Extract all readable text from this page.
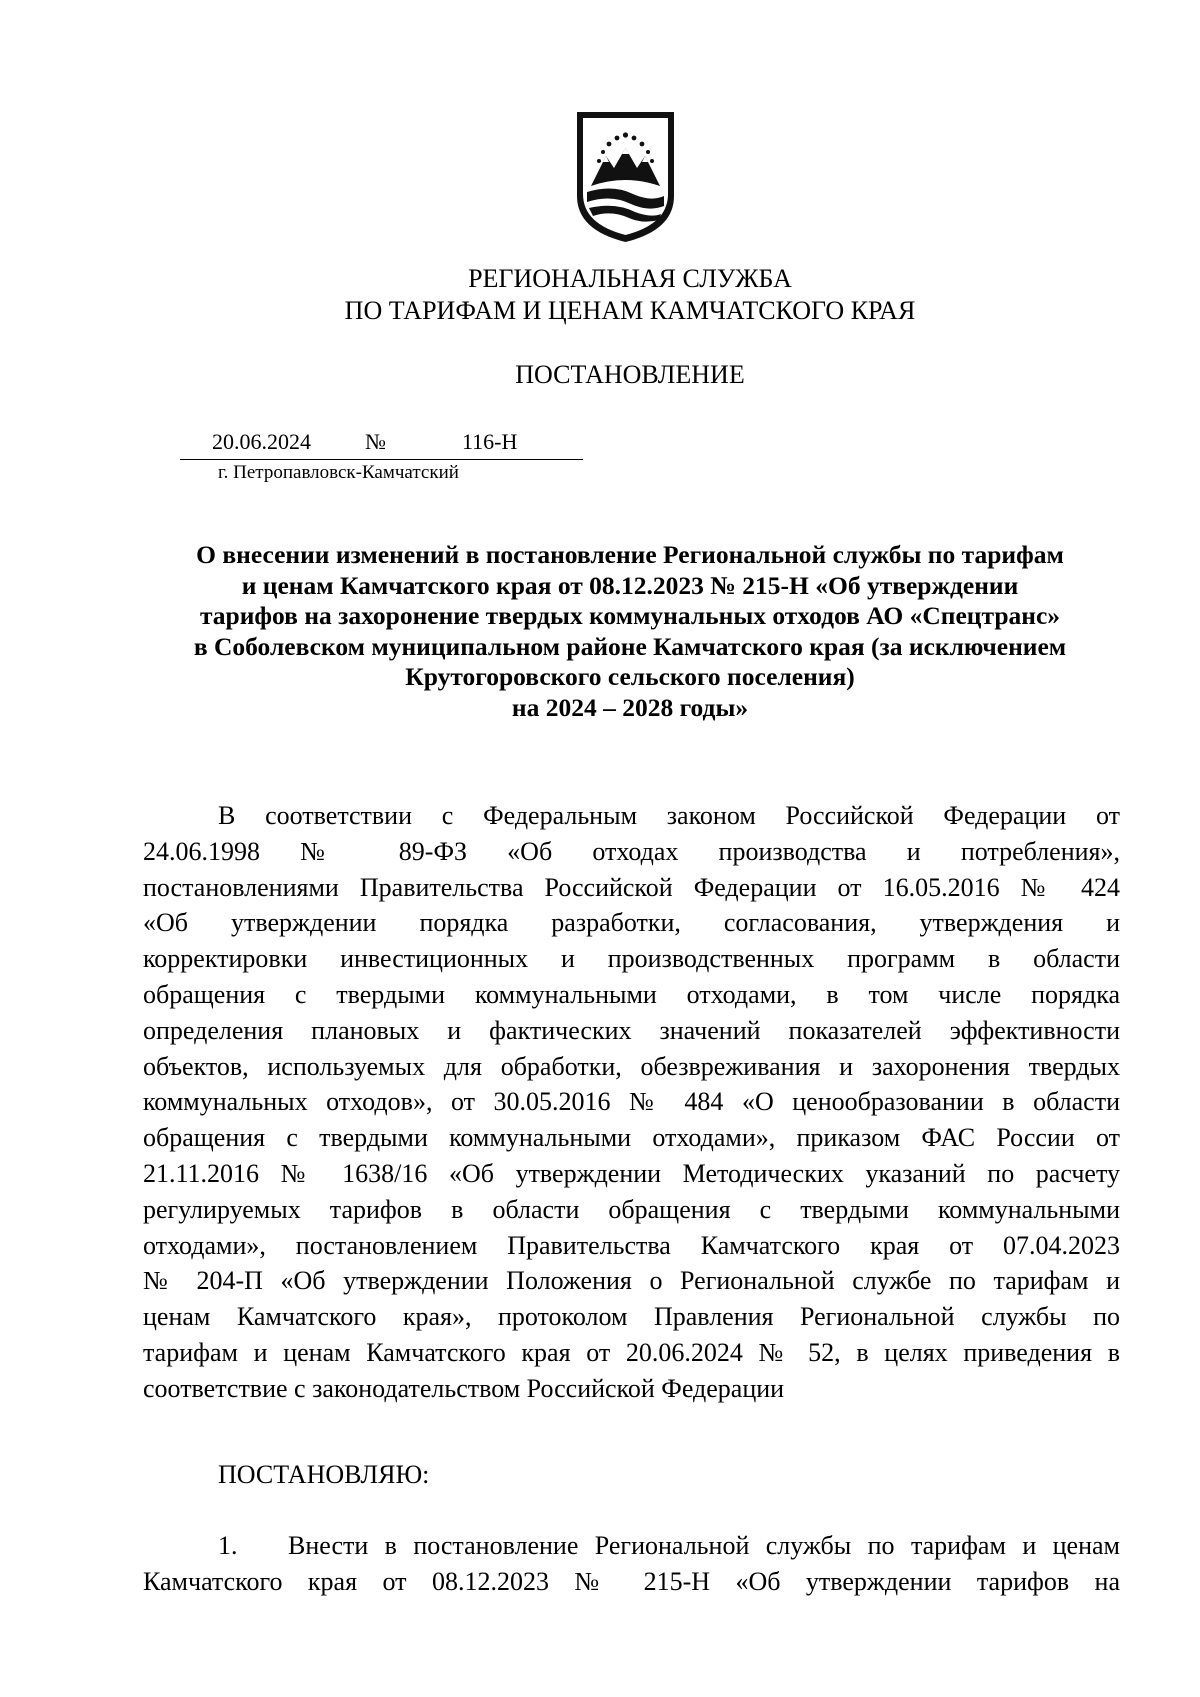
РЕГИОНАЛЬНАЯ СЛУЖБА
ПО ТАРИФАМ И ЦЕНАМ КАМЧАТСКОГО КРАЯ
ПОСТАНОВЛЕНИЕ
20.06.2024 №	116-Н
г. Петропавловск-Камчатский
О внесении изменений в постановление Региональной службы по тарифам
и ценам Камчатского края от 08.12.2023 № 215-Н «Об утверждении
тарифов на захоронение твердых коммунальных отходов АО «Спецтранс»
в Соболевском муниципальном районе Камчатского края (за исключением
Крутогоровского сельского поселения)
на 2024 – 2028 годы»
В соответствии с Федеральным законом Российской Федерации от
24.06.1998 № 89-ФЗ «Об отходах производства и потребления»,
постановлениями Правительства Российской Федерации от 16.05.2016 № 424
«Об утверждении порядка разработки, согласования, утверждения и
корректировки инвестиционных и производственных программ в области
обращения с твердыми коммунальными отходами, в том числе порядка
определения плановых и фактических значений показателей эффективности
объектов, используемых для обработки, обезвреживания и захоронения твердых
коммунальных отходов», от 30.05.2016 № 484 «О ценообразовании в области
обращения с твердыми коммунальными отходами», приказом ФАС России от
21.11.2016 № 1638/16 «Об утверждении Методических указаний по расчету
регулируемых тарифов в области обращения с твердыми коммунальными
отходами», постановлением Правительства Камчатского края от 07.04.2023
№ 204-П «Об утверждении Положения о Региональной службе по тарифам и
ценам Камчатского края», протоколом Правления Региональной службы по
тарифам и ценам Камчатского края от 20.06.2024 № 52, в целях приведения в
соответствие с законодательством Российской Федерации
ПОСТАНОВЛЯЮ:
1.	Внести в постановление Региональной службы по тарифам и ценам
Камчатского края от 08.12.2023 № 215-Н «Об утверждении тарифов на
